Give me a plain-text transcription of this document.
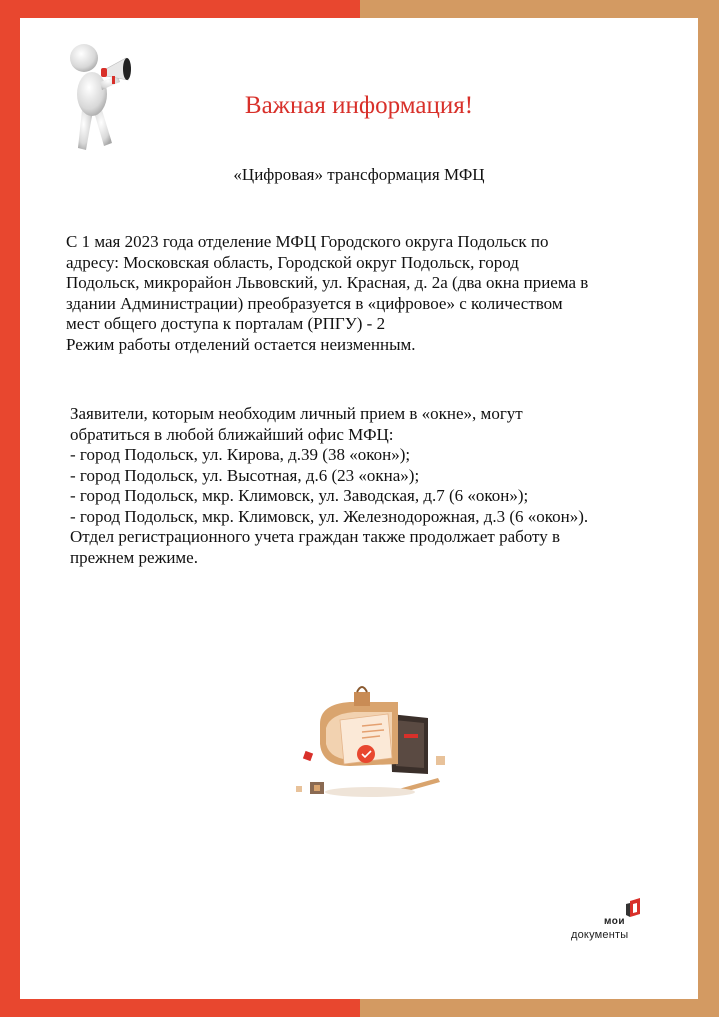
Важная информация!

«Цифровая» трансформация МФЦ

С 1 мая 2023 года отделение МФЦ Городского округа Подольск по
адресу: Московская область, Городской округ Подольск, город
Подольск, микрорайон Львовский, ул. Красная, д. 2а (два окна приема в
здании Администрации) преобразуется в «цифровое» с количеством
мест общего доступа к порталам (РПГУ) - 2
Режим работы отделений остается неизменным.

Заявители, которым необходим личный прием в «окне», могут
обратиться в любой ближайший офис МФЦ:
- город Подольск, ул. Кирова, д.39 (38 «окон»);
- город Подольск, ул. Высотная, д.6 (23 «окна»);
- город Подольск, мкр. Климовск, ул. Заводская, д.7 (6 «окон»);
- город Подольск, мкр. Климовск, ул. Железнодорожная, д.3 (6 «окон»).
Отдел регистрационного учета граждан также продолжает работу в
прежнем режиме.

мои
документы
